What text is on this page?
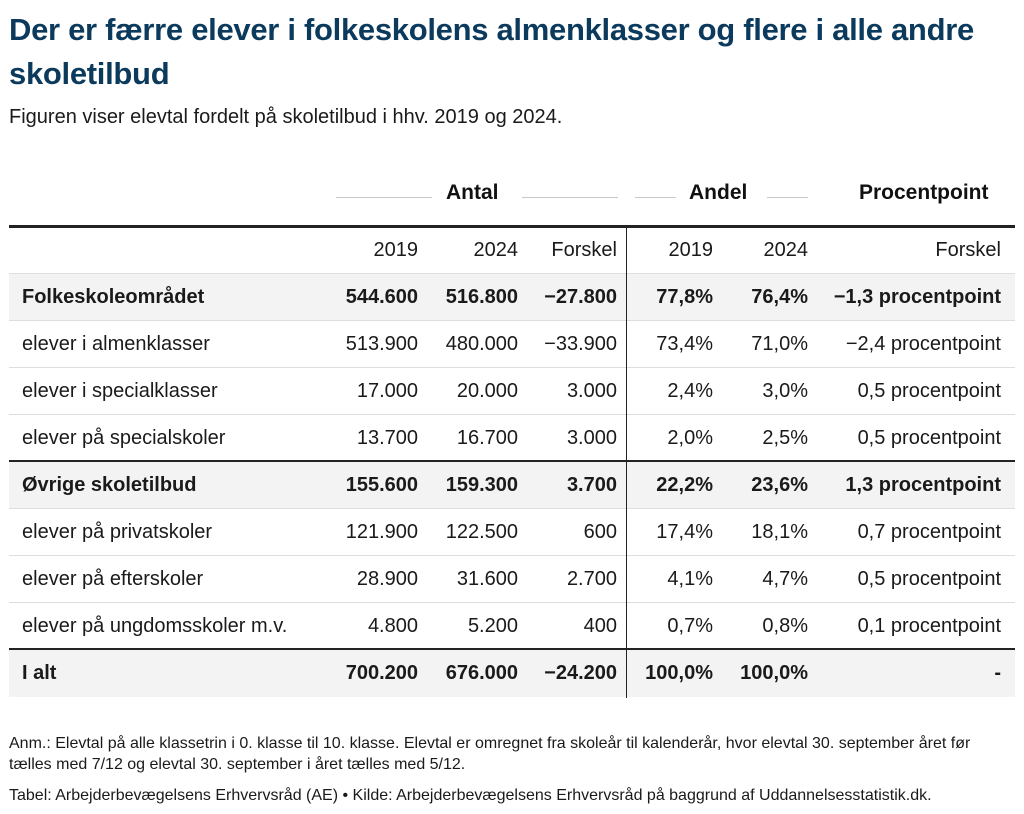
Der er færre elever i folkeskolens almenklasser og flere i alle andre skoletilbud
Figuren viser elevtal fordelt på skoletilbud i hhv. 2019 og 2024.
Antal	Andel	Procentpoint
2019	2024 Forskel	2019	2024	Forskel
Folkeskoleområdet	544.600 516.800 −27.800 77,8% 76,4% −1,3 procentpoint
elever i almenklasser	513.900 480.000 −33.900 73,4% 71,0% −2,4 procentpoint
elever i specialklasser	17.000 20.000 3.000	2,4% 3,0% 0,5 procentpoint
elever på specialskoler	13.700 16.700 3.000	2,0% 2,5% 0,5 procentpoint
Øvrige skoletilbud	155.600 159.300 3.700 22,2% 23,6% 1,3 procentpoint
elever på privatskoler	121.900 122.500	600 17,4% 18,1% 0,7 procentpoint
elever på efterskoler	28.900 31.600 2.700	4,1% 4,7% 0,5 procentpoint
elever på ungdomsskoler m.v.	4.800 5.200	400	0,7% 0,8% 0,1 procentpoint
I alt	700.200 676.000 −24.200 100,0% 100,0%	-
Anm.: Elevtal på alle klassetrin i 0. klasse til 10. klasse. Elevtal er omregnet fra skoleår til kalenderår, hvor elevtal 30. september året før tælles med 7/12 og elevtal 30. september i året tælles med 5/12.
Tabel: Arbejderbevægelsens Erhvervsråd (AE) • Kilde: Arbejderbevægelsens Erhvervsråd på baggrund af Uddannelsesstatistik.dk.
